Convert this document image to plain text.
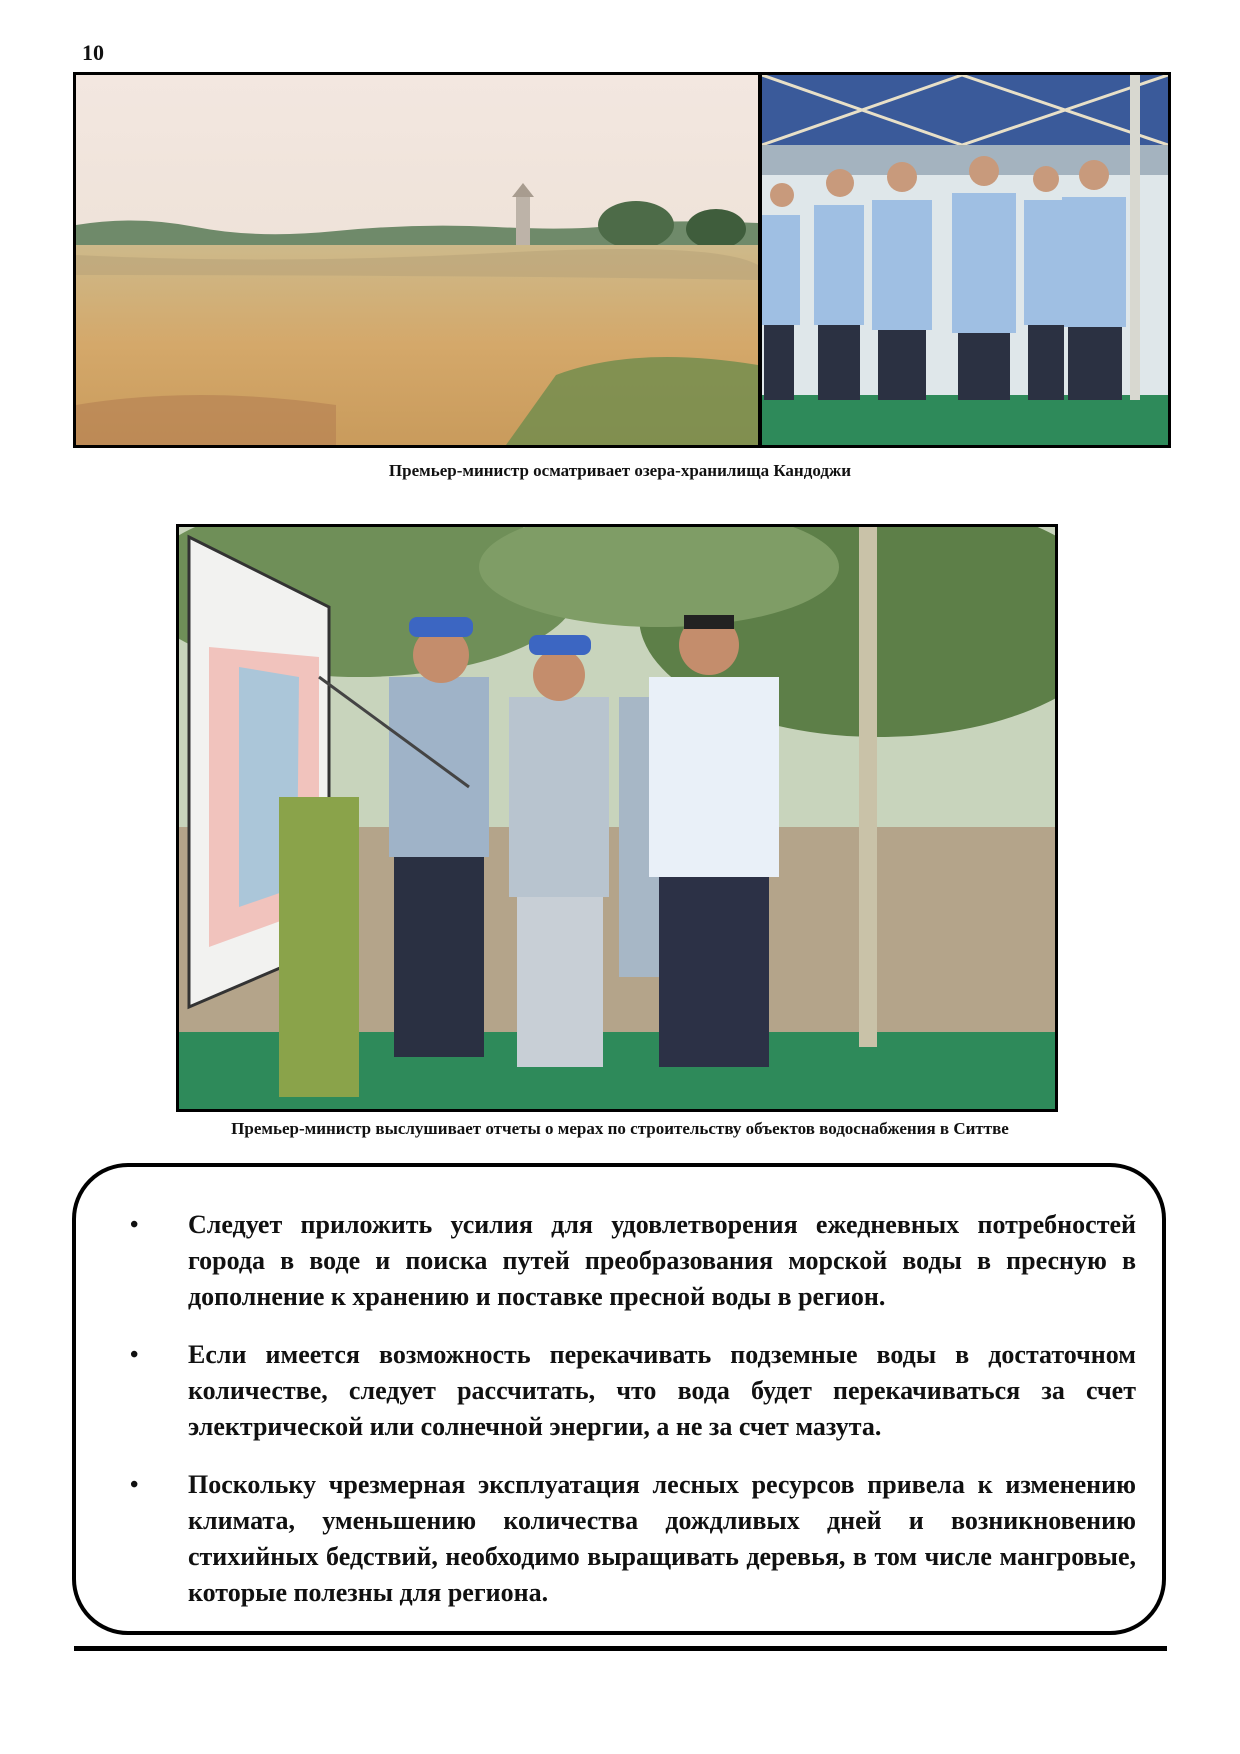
10
Премьер-министр осматривает озера-хранилища Кандоджи
Премьер-министр выслушивает отчеты о мерах по строительству объектов водоснабжения в Ситтве
• Следует приложить усилия для удовлетворения ежедневных потребностей города в воде и поиска путей преобразования морской воды в пресную в дополнение к хранению и поставке пресной воды в регион.
• Если имеется возможность перекачивать подземные воды в достаточном количестве, следует рассчитать, что вода будет перекачиваться за счет электрической или солнечной энергии, а не за счет мазута.
• Поскольку чрезмерная эксплуатация лесных ресурсов привела к изменению климата, уменьшению количества дождливых дней и возникновению стихийных бедствий, необходимо выращивать деревья, в том числе мангровые, которые полезны для региона.
